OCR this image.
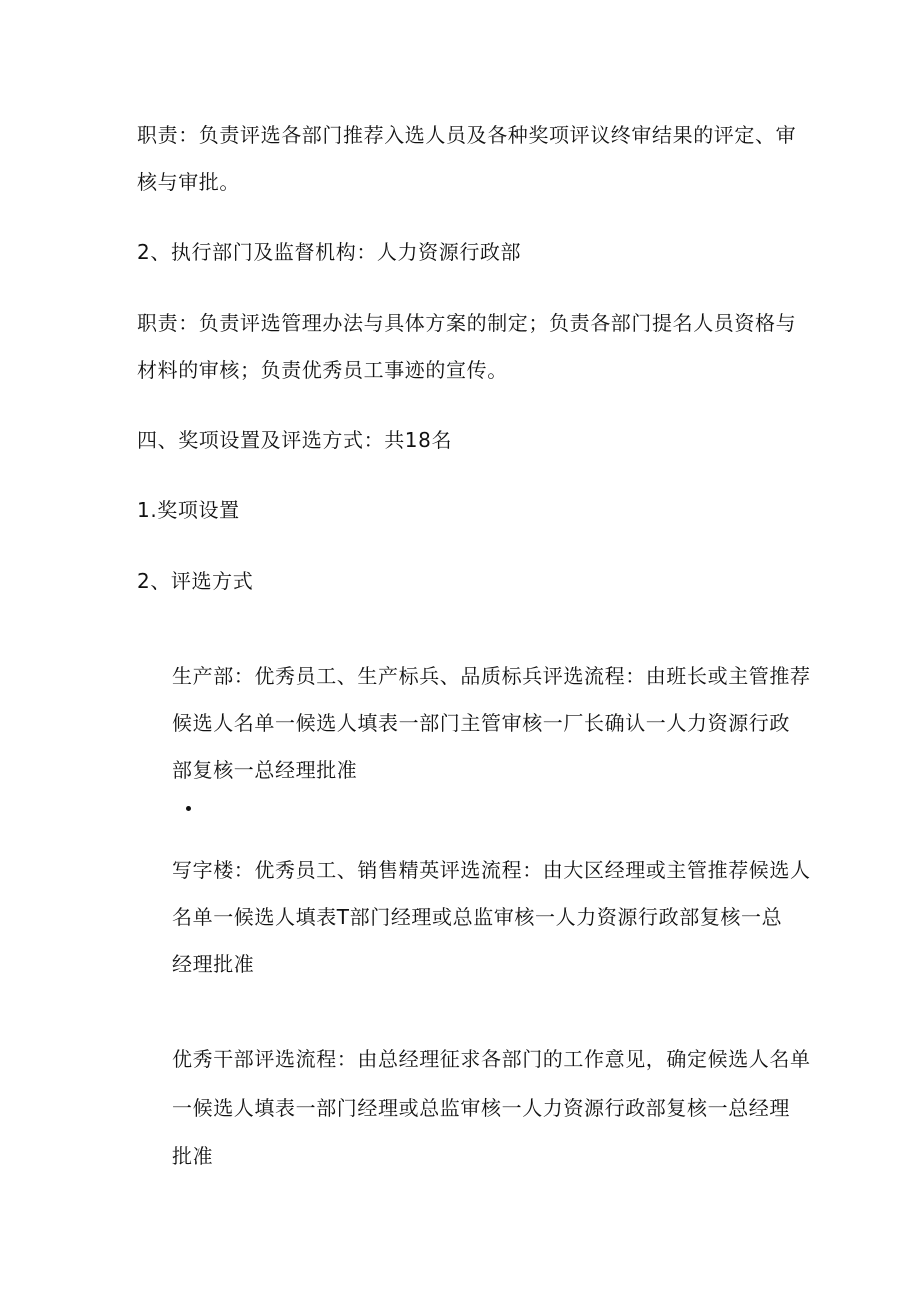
职责：负责评选各部门推荐入选人员及各种奖项评议终审结果的评定、审
核与审批。
2、执行部门及监督机构：人力资源行政部
职责：负责评选管理办法与具体方案的制定；负责各部门提名人员资格与
材料的审核；负责优秀员工事迹的宣传。
四、奖项设置及评选方式：共18名
1.奖项设置
2、评选方式
生产部：优秀员工、生产标兵、品质标兵评选流程：由班长或主管推荐
候选人名单一候选人填表一部门主管审核一厂长确认一人力资源行政
部复核一总经理批准
写字楼：优秀员工、销售精英评选流程：由大区经理或主管推荐候选人
名单一候选人填表T部门经理或总监审核一人力资源行政部复核一总
经理批准
优秀干部评选流程：由总经理征求各部门的工作意见，确定候选人名单
一候选人填表一部门经理或总监审核一人力资源行政部复核一总经理
批准
